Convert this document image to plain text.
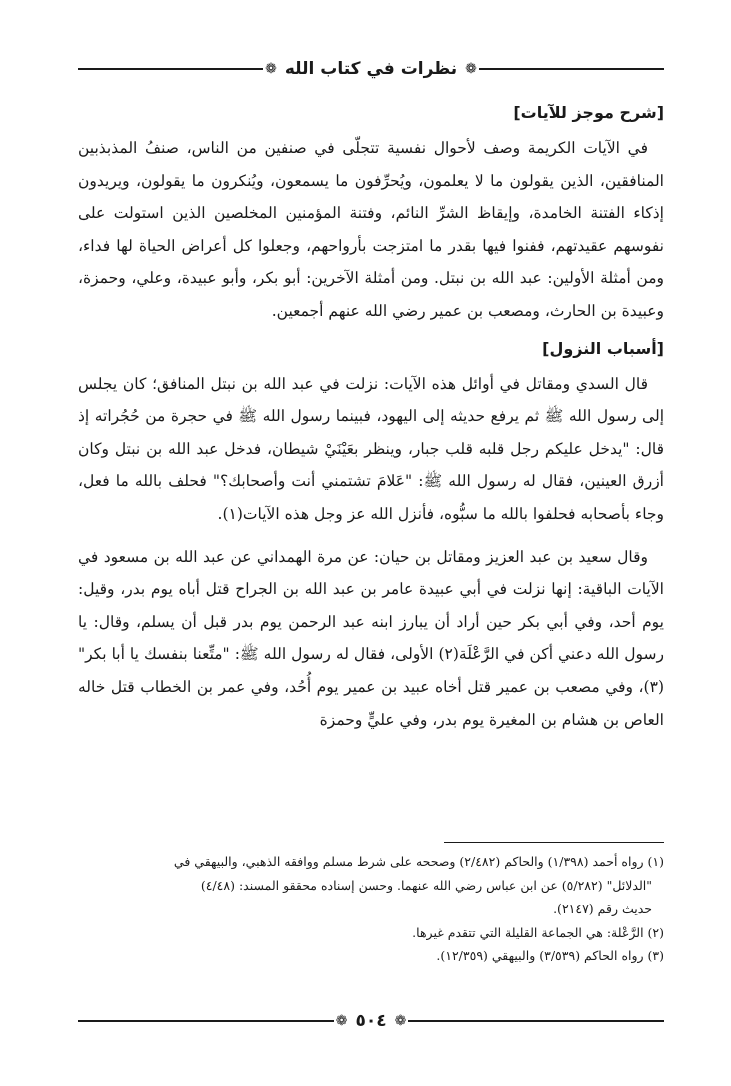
❁ نظرات في كتاب الله ❁
[شرح موجز للآيات]

في الآيات الكريمة وصف لأحوال نفسية تتجلّى في صنفين من الناس، صنفُ المذبذبين المنافقين، الذين يقولون ما لا يعلمون، ويُحرِّفون ما يسمعون، ويُنكرون ما يقولون، ويريدون إذكاء الفتنة الخامدة، وإيقاظ الشرِّ النائم، وفتنة المؤمنين المخلصين الذين استولت على نفوسهم عقيدتهم، ففنوا فيها بقدر ما امتزجت بأرواحهم، وجعلوا كل أعراض الحياة لها فداء، ومن أمثلة الأولين: عبد الله بن نبتل. ومن أمثلة الآخرين: أبو بكر، وأبو عبيدة، وعلي، وحمزة، وعبيدة بن الحارث، ومصعب بن عمير رضي الله عنهم أجمعين.

[أسباب النزول]

قال السدي ومقاتل في أوائل هذه الآيات: نزلت في عبد الله بن نبتل المنافق؛ كان يجلس إلى رسول الله ﷺ ثم يرفع حديثه إلى اليهود، فبينما رسول الله ﷺ في حجرة من حُجُراته إذ قال: "يدخل عليكم رجل قلبه قلب جبار، وينظر بعَيْنَيْ شيطان، فدخل عبد الله بن نبتل وكان أزرق العينين، فقال له رسول الله ﷺ: "عَلامَ تشتمني أنت وأصحابك؟" فحلف بالله ما فعل، وجاء بأصحابه فحلفوا بالله ما سبُّوه، فأنزل الله عز وجل هذه الآيات(١).

وقال سعيد بن عبد العزيز ومقاتل بن حيان: عن مرة الهمداني عن عبد الله بن مسعود في الآيات الباقية: إنها نزلت في أبي عبيدة عامر بن عبد الله بن الجراح قتل أباه يوم بدر، وقيل: يوم أحد، وفي أبي بكر حين أراد أن يبارز ابنه عبد الرحمن يوم بدر قبل أن يسلم، وقال: يا رسول الله دعني أكن في الرَّعْلَة(٢) الأولى، فقال له رسول الله ﷺ: "متِّعنا بنفسك يا أبا بكر"(٣)، وفي مصعب بن عمير قتل أخاه عبيد بن عمير يوم أُحُد، وفي عمر بن الخطاب قتل خاله العاص بن هشام بن المغيرة يوم بدر، وفي عليٍّ وحمزة

(١) رواه أحمد (١/٣٩٨) والحاكم (٢/٤٨٢) وصححه على شرط مسلم ووافقه الذهبي، والبيهقي في

"الدلائل" (٥/٢٨٢) عن ابن عباس رضي الله عنهما. وحسن إسناده محققو المسند: (٤/٤٨)

حديث رقم (٢١٤٧).

(٢) الرَّعْلة: هي الجماعة القليلة التي تتقدم غيرها.

(٣) رواه الحاكم (٣/٥٣٩) والبيهقي (١٢/٣٥٩).

❁ ٥٠٤ ❁
